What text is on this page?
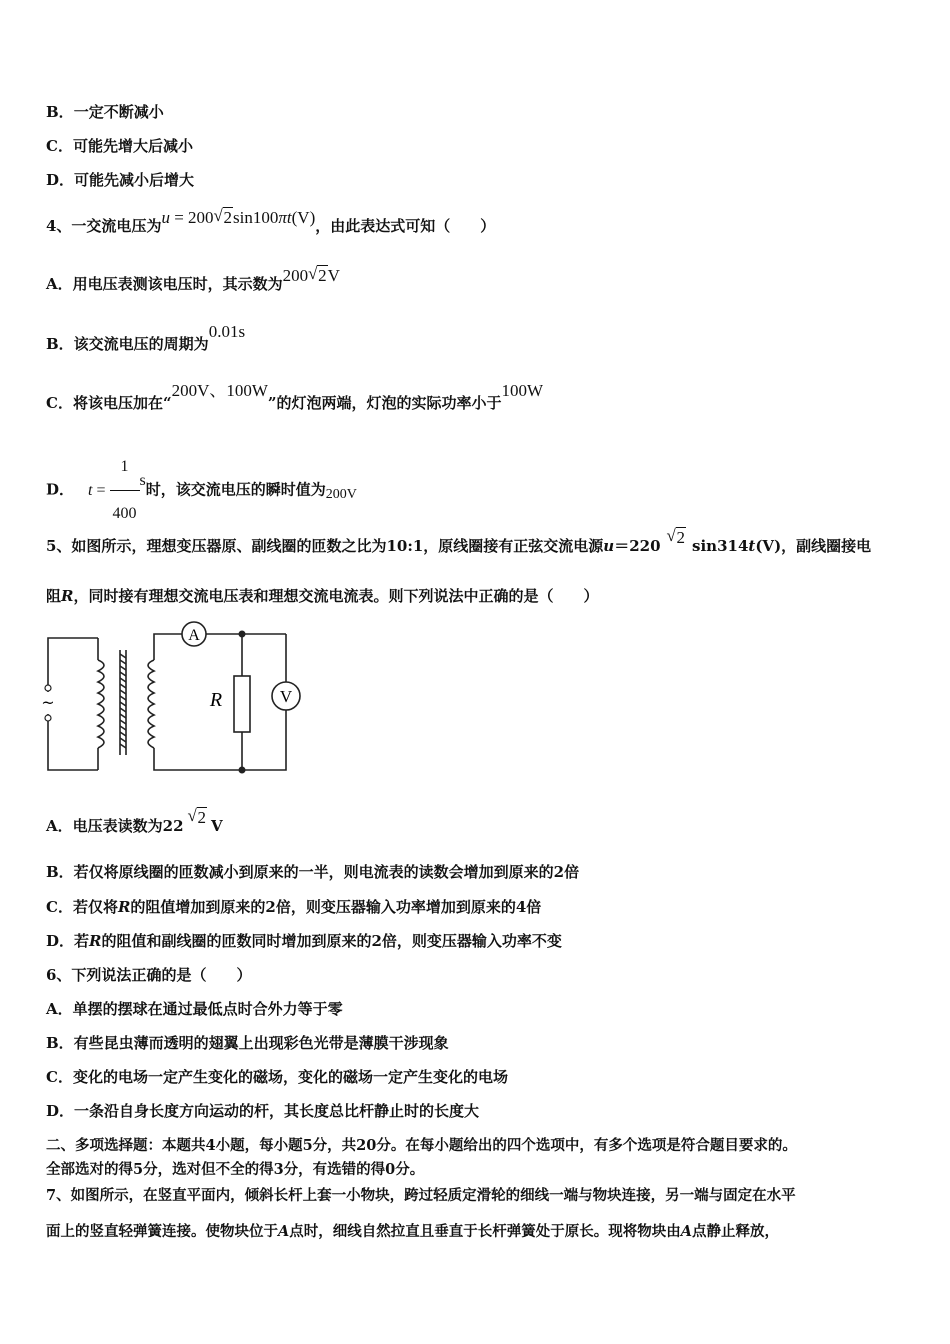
B．一定不断减小
C．可能先增大后减小
D．可能先减小后增大
4、一交流电压为u = 200 √ 2sin100πt(V)，由此表达式可知（　　）
A．用电压表测该电压时，其示数为200 √ 2V
B．该交流电压的周期为0.01s
C．将该电压加在“200V、100W”的灯泡两端，灯泡的实际功率小于100W
D． $t = \frac{1}{400}$ s时，该交流电压的瞬时值为200V
5、如图所示，理想变压器原、副线圈的匝数之比为10:1，原线圈接有正弦交流电源u＝220 √ 2 sin314t(V)，副线圈接电
阻R，同时接有理想交流电压表和理想交流电流表。则下列说法中正确的是（　　）
~
A
V
R
A．电压表读数为22 √ 2 V
B．若仅将原线圈的匝数减小到原来的一半，则电流表的读数会增加到原来的2倍
C．若仅将R的阻值增加到原来的2倍，则变压器输入功率增加到原来的4倍
D．若R的阻值和副线圈的匝数同时增加到原来的2倍，则变压器输入功率不变
6、下列说法正确的是（　　）
A．单摆的摆球在通过最低点时合外力等于零
B．有些昆虫薄而透明的翅翼上出现彩色光带是薄膜干涉现象
C．变化的电场一定产生变化的磁场，变化的磁场一定产生变化的电场
D．一条沿自身长度方向运动的杆，其长度总比杆静止时的长度大
二、多项选择题：本题共4小题，每小题5分，共20分。在每小题给出的四个选项中，有多个选项是符合题目要求的。
全部选对的得5分，选对但不全的得3分，有选错的得0分。
7、如图所示，在竖直平面内，倾斜长杆上套一小物块，跨过轻质定滑轮的细线一端与物块连接，另一端与固定在水平
面上的竖直轻弹簧连接。使物块位于A点时，细线自然拉直且垂直于长杆弹簧处于原长。现将物块由A点静止释放，
